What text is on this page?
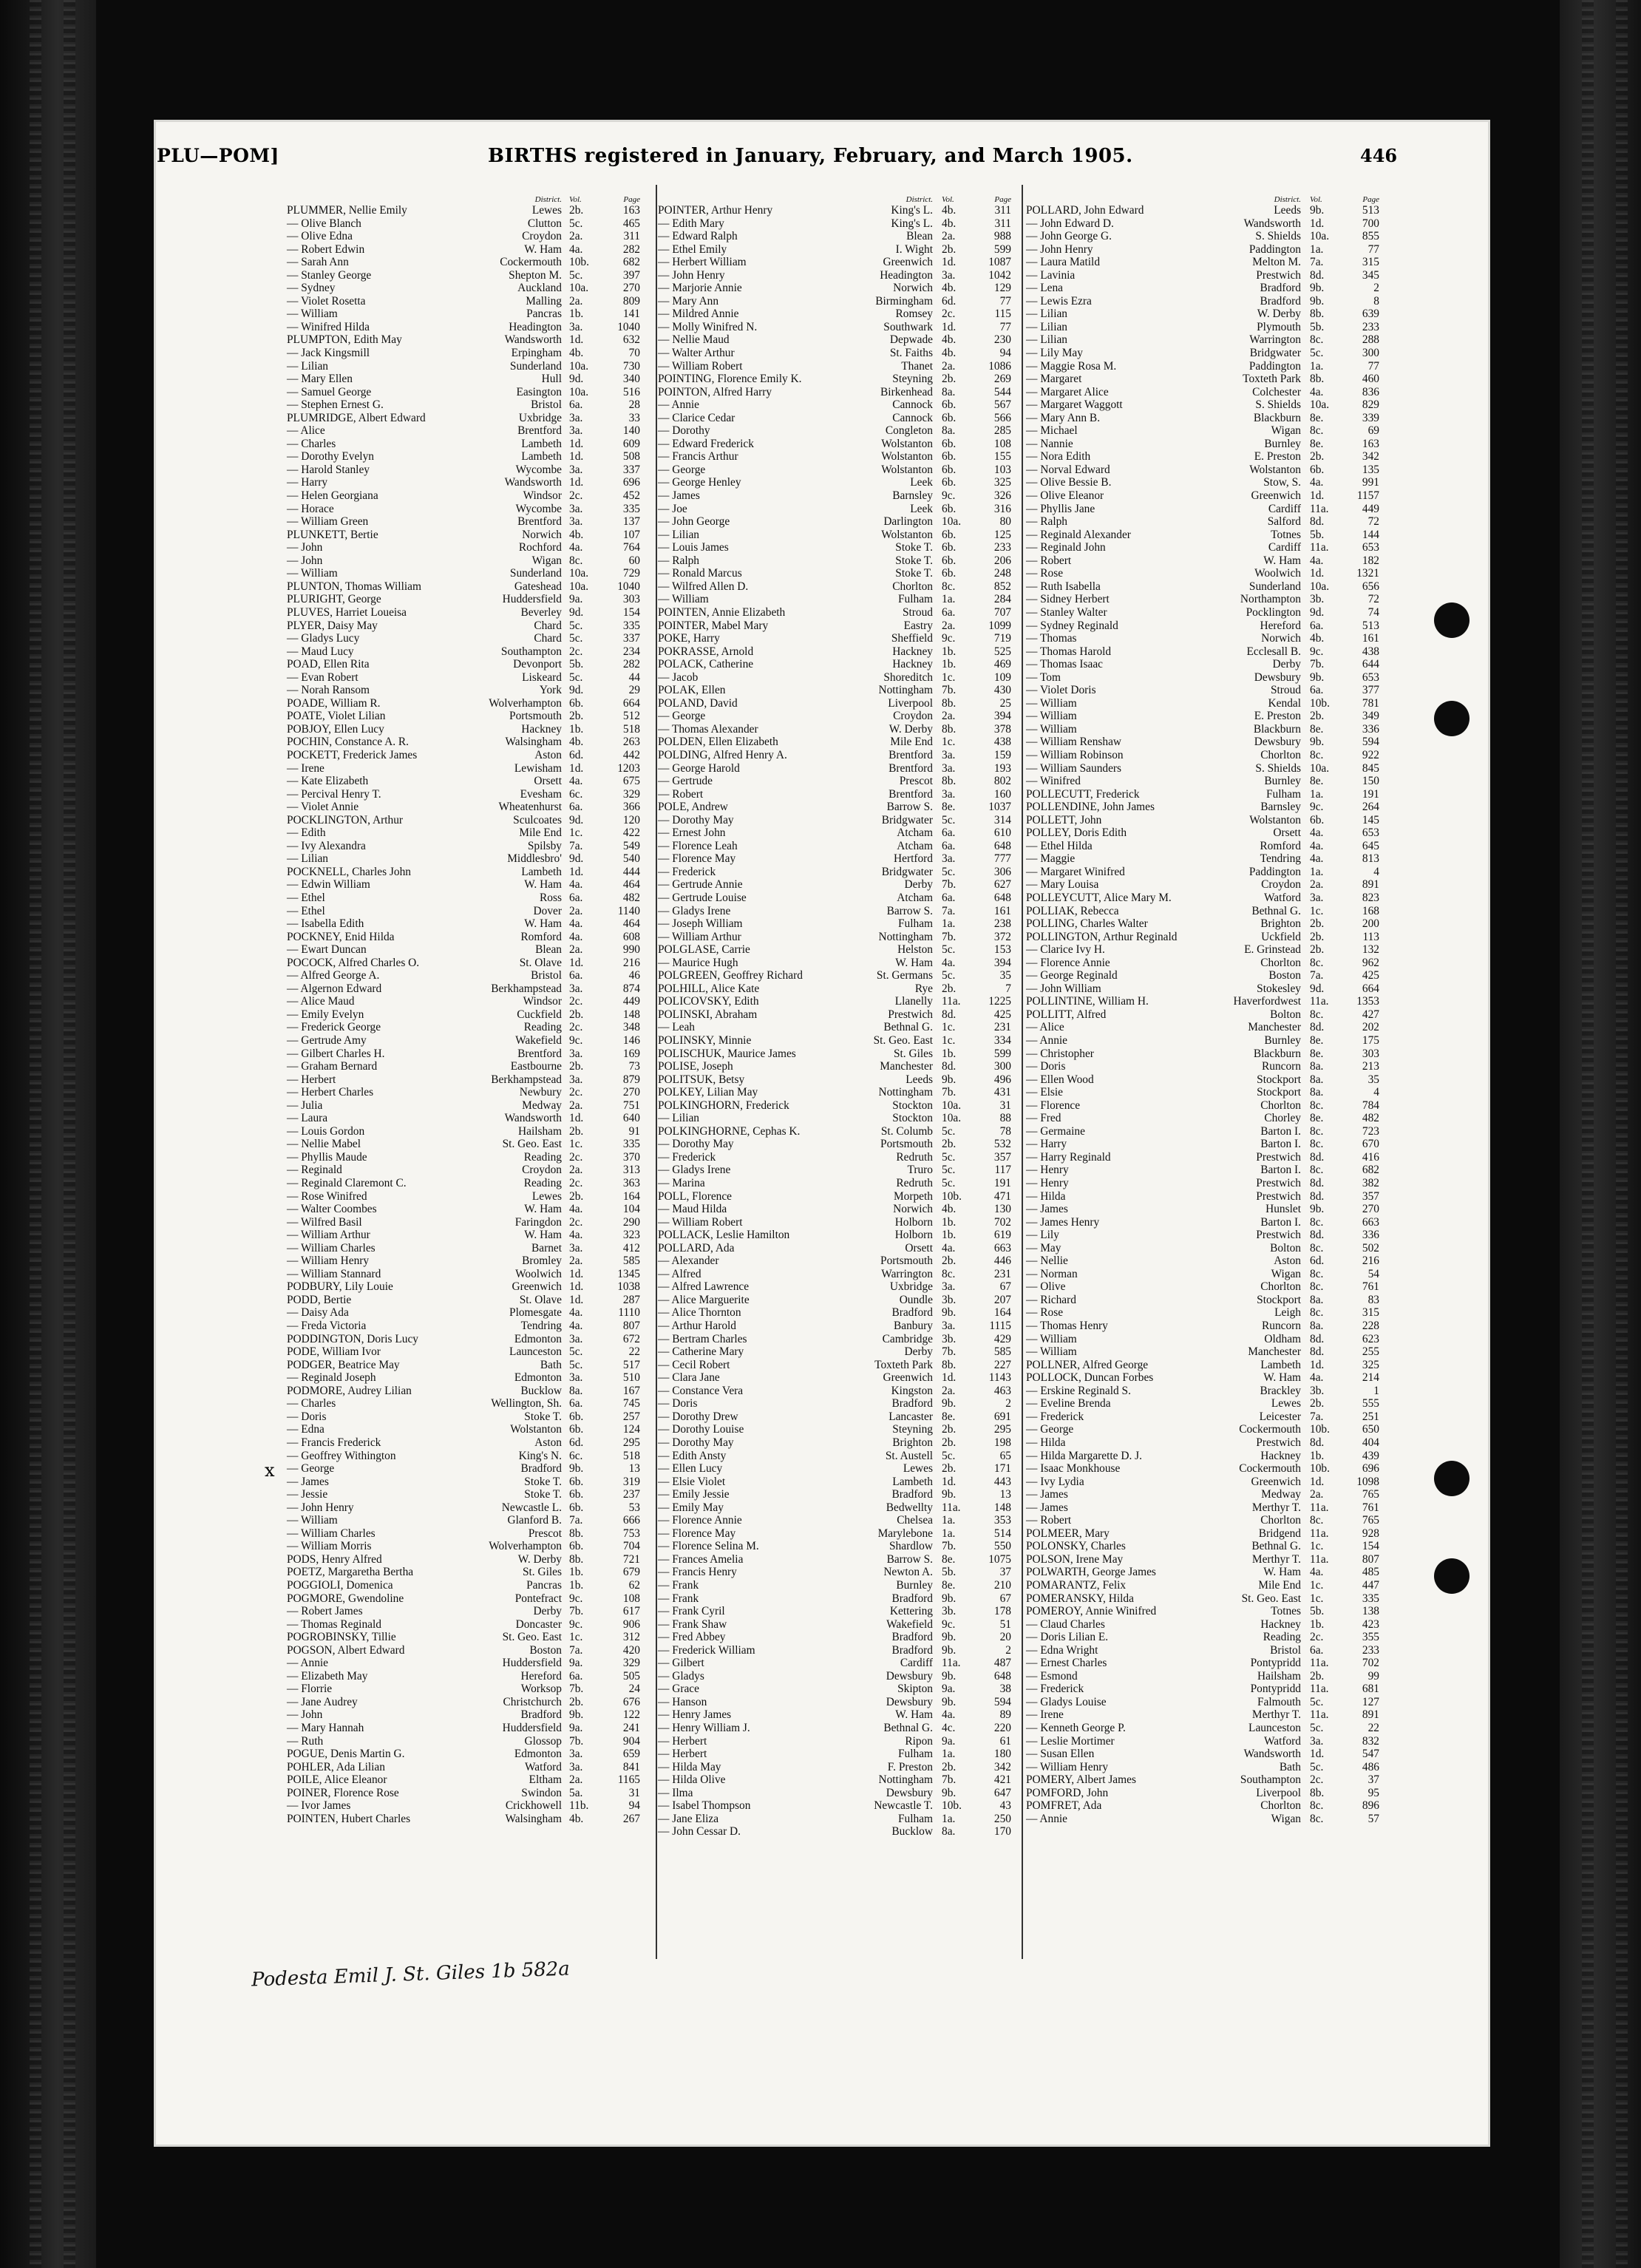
PLU—POM]	BIRTHS registered in January, February, and March 1905.	446
District. Vol.	Page
PLUMMER, Nellie Emily	Lewes 2b.	163
— Olive Blanch	Clutton 5c.	465
— Olive Edna	Croydon 2a.	311
— Robert Edwin	W. Ham 4a.	282
— Sarah Ann	Cockermouth 10b.	682
— Stanley George	Shepton M. 5c.	397
— Sydney	Auckland 10a.	270
— Violet Rosetta	Malling 2a.	809
— William	Pancras 1b.	141
— Winifred Hilda	Headington 3a.	1040
PLUMPTON, Edith May	Wandsworth 1d.	632
— Jack Kingsmill	Erpingham 4b.	70
— Lilian	Sunderland 10a.	730
— Mary Ellen	Hull 9d.	340
— Samuel George	Easington 10a.	516
— Stephen Ernest G.	Bristol 6a.	28
PLUMRIDGE, Albert Edward	Uxbridge 3a.	33
— Alice	Brentford 3a.	140
— Charles	Lambeth 1d.	609
— Dorothy Evelyn	Lambeth 1d.	508
— Harold Stanley	Wycombe 3a.	337
— Harry	Wandsworth 1d.	696
— Helen Georgiana	Windsor 2c.	452
— Horace	Wycombe 3a.	335
— William Green	Brentford 3a.	137
PLUNKETT, Bertie	Norwich 4b.	107
— John	Rochford 4a.	764
— John	Wigan 8c.	60
— William	Sunderland 10a.	729
PLUNTON, Thomas William	Gateshead 10a.	1040
PLURIGHT, George	Huddersfield 9a.	303
PLUVES, Harriet Loueisa	Beverley 9d.	154
PLYER, Daisy May	Chard 5c.	335
— Gladys Lucy	Chard 5c.	337
— Maud Lucy	Southampton 2c.	234
POAD, Ellen Rita	Devonport 5b.	282
— Evan Robert	Liskeard 5c.	44
— Norah Ransom	York 9d.	29
POADE, William R.	Wolverhampton 6b.	664
POATE, Violet Lilian	Portsmouth 2b.	512
POBJOY, Ellen Lucy	Hackney 1b.	518
POCHIN, Constance A. R.	Walsingham 4b.	263
POCKETT, Frederick James	Aston 6d.	442
— Irene	Lewisham 1d.	1203
— Kate Elizabeth	Orsett 4a.	675
— Percival Henry T.	Evesham 6c.	329
— Violet Annie	Wheatenhurst 6a.	366
POCKLINGTON, Arthur	Sculcoates 9d.	120
— Edith	Mile End 1c.	422
— Ivy Alexandra	Spilsby 7a.	549
— Lilian	Middlesbro' 9d.	540
POCKNELL, Charles John	Lambeth 1d.	444
— Edwin William	W. Ham 4a.	464
— Ethel	Ross 6a.	482
— Ethel	Dover 2a.	1140
— Isabella Edith	W. Ham 4a.	464
POCKNEY, Enid Hilda	Romford 4a.	608
— Ewart Duncan	Blean 2a.	990
POCOCK, Alfred Charles O.	St. Olave 1d.	216
— Alfred George A.	Bristol 6a.	46
— Algernon Edward	Berkhampstead 3a.	874
— Alice Maud	Windsor 2c.	449
— Emily Evelyn	Cuckfield 2b.	148
— Frederick George	Reading 2c.	348
— Gertrude Amy	Wakefield 9c.	146
— Gilbert Charles H.	Brentford 3a.	169
— Graham Bernard	Eastbourne 2b.	73
— Herbert	Berkhampstead 3a.	879
— Herbert Charles	Newbury 2c.	270
— Julia	Medway 2a.	751
— Laura	Wandsworth 1d.	640
— Louis Gordon	Hailsham 2b.	91
— Nellie Mabel	St. Geo. East 1c.	335
— Phyllis Maude	Reading 2c.	370
— Reginald	Croydon 2a.	313
— Reginald Claremont C.	Reading 2c.	363
— Rose Winifred	Lewes 2b.	164
— Walter Coombes	W. Ham 4a.	104
— Wilfred Basil	Faringdon 2c.	290
— William Arthur	W. Ham 4a.	323
— William Charles	Barnet 3a.	412
— William Henry	Bromley 2a.	585
— William Stannard	Woolwich 1d.	1345
PODBURY, Lily Louie	Greenwich 1d.	1038
PODD, Bertie	St. Olave 1d.	287
— Daisy Ada	Plomesgate 4a.	1110
— Freda Victoria	Tendring 4a.	807
PODDINGTON, Doris Lucy	Edmonton 3a.	672
PODE, William Ivor	Launceston 5c.	22
PODGER, Beatrice May	Bath 5c.	517
— Reginald Joseph	Edmonton 3a.	510
PODMORE, Audrey Lilian	Bucklow 8a.	167
— Charles	Wellington, Sh. 6a.	745
— Doris	Stoke T. 6b.	257
— Edna	Wolstanton 6b.	124
— Francis Frederick	Aston 6d.	295
— Geoffrey Withington	King's N. 6c.	518
— George	Bradford 9b.	13
— James	Stoke T. 6b.	319
— Jessie	Stoke T. 6b.	237
— John Henry	Newcastle L. 6b.	53
— William	Glanford B. 7a.	666
— William Charles	Prescot 8b.	753
— William Morris	Wolverhampton 6b.	704
PODS, Henry Alfred	W. Derby 8b.	721
POETZ, Margaretha Bertha	St. Giles 1b.	679
POGGIOLI, Domenica	Pancras 1b.	62
POGMORE, Gwendoline	Pontefract 9c.	108
— Robert James	Derby 7b.	617
— Thomas Reginald	Doncaster 9c.	906
POGROBINSKY, Tillie	St. Geo. East 1c.	312
POGSON, Albert Edward	Boston 7a.	420
— Annie	Huddersfield 9a.	329
— Elizabeth May	Hereford 6a.	505
— Florrie	Worksop 7b.	24
— Jane Audrey	Christchurch 2b.	676
— John	Bradford 9b.	122
— Mary Hannah	Huddersfield 9a.	241
— Ruth	Glossop 7b.	904
POGUE, Denis Martin G.	Edmonton 3a.	659
POHLER, Ada Lilian	Watford 3a.	841
POILE, Alice Eleanor	Eltham 2a.	1165
POINER, Florence Rose	Swindon 5a.	31
— Ivor James	Crickhowell 11b.	94
POINTEN, Hubert Charles	Walsingham 4b.	267
District. Vol.	Page
POINTER, Arthur Henry	King's L. 4b.	311
— Edith Mary	King's L. 4b.	311
— Edward Ralph	Blean 2a.	988
— Ethel Emily	I. Wight 2b.	599
— Herbert William	Greenwich 1d.	1087
— John Henry	Headington 3a.	1042
— Marjorie Annie	Norwich 4b.	129
— Mary Ann	Birmingham 6d.	77
— Mildred Annie	Romsey 2c.	115
— Molly Winifred N.	Southwark 1d.	77
— Nellie Maud	Depwade 4b.	230
— Walter Arthur	St. Faiths 4b.	94
— William Robert	Thanet 2a.	1086
POINTING, Florence Emily K.	Steyning 2b.	269
POINTON, Alfred Harry	Birkenhead 8a.	544
— Annie	Cannock 6b.	567
— Clarice Cedar	Cannock 6b.	566
— Dorothy	Congleton 8a.	285
— Edward Frederick	Wolstanton 6b.	108
— Francis Arthur	Wolstanton 6b.	155
— George	Wolstanton 6b.	103
— George Henley	Leek 6b.	325
— James	Barnsley 9c.	326
— Joe	Leek 6b.	316
— John George	Darlington 10a.	80
— Lilian	Wolstanton 6b.	125
— Louis James	Stoke T. 6b.	233
— Ralph	Stoke T. 6b.	206
— Ronald Marcus	Stoke T. 6b.	248
— Wilfred Allen D.	Chorlton 8c.	852
— William	Fulham 1a.	284
POINTEN, Annie Elizabeth	Stroud 6a.	707
POINTER, Mabel Mary	Eastry 2a.	1099
POKE, Harry	Sheffield 9c.	719
POKRASSE, Arnold	Hackney 1b.	525
POLACK, Catherine	Hackney 1b.	469
— Jacob	Shoreditch 1c.	109
POLAK, Ellen	Nottingham 7b.	430
POLAND, David	Liverpool 8b.	25
— George	Croydon 2a.	394
— Thomas Alexander	W. Derby 8b.	378
POLDEN, Ellen Elizabeth	Mile End 1c.	438
POLDING, Alfred Henry A.	Brentford 3a.	159
— George Harold	Brentford 3a.	193
— Gertrude	Prescot 8b.	802
— Robert	Brentford 3a.	160
POLE, Andrew	Barrow S. 8e.	1037
— Dorothy May	Bridgwater 5c.	314
— Ernest John	Atcham 6a.	610
— Florence Leah	Atcham 6a.	648
— Florence May	Hertford 3a.	777
— Frederick	Bridgwater 5c.	306
— Gertrude Annie	Derby 7b.	627
— Gertrude Louise	Atcham 6a.	648
— Gladys Irene	Barrow S. 7a.	161
— Joseph William	Fulham 1a.	238
— William Arthur	Nottingham 7b.	372
POLGLASE, Carrie	Helston 5c.	153
— Maurice Hugh	W. Ham 4a.	394
POLGREEN, Geoffrey Richard	St. Germans 5c.	35
POLHILL, Alice Kate	Rye 2b.	7
POLICOVSKY, Edith	Llanelly 11a. 1225
POLINSKI, Abraham	Prestwich 8d.	425
— Leah	Bethnal G. 1c.	231
POLINSKY, Minnie	St. Geo. East 1c.	334
POLISCHUK, Maurice James	St. Giles 1b.	599
POLISE, Joseph	Manchester 8d.	300
POLITSUK, Betsy	Leeds 9b.	496
POLKEY, Lilian May	Nottingham 7b.	431
POLKINGHORN, Frederick	Stockton 10a.	31
— Lilian	Stockton 10a.	88
POLKINGHORNE, Cephas K.	St. Columb 5c.	78
— Dorothy May	Portsmouth 2b.	532
— Frederick	Redruth 5c.	357
— Gladys Irene	Truro 5c.	117
— Marina	Redruth 5c.	191
POLL, Florence	Morpeth 10b.	471
— Maud Hilda	Norwich 4b.	130
— William Robert	Holborn 1b.	702
POLLACK, Leslie Hamilton	Holborn 1b.	619
POLLARD, Ada	Orsett 4a.	663
— Alexander	Portsmouth 2b.	446
— Alfred	Warrington 8c.	231
— Alfred Lawrence	Uxbridge 3a.	67
— Alice Marguerite	Oundle 3b.	207
— Alice Thornton	Bradford 9b.	164
— Arthur Harold	Banbury 3a.	1115
— Bertram Charles	Cambridge 3b.	429
— Catherine Mary	Derby 7b.	585
— Cecil Robert	Toxteth Park 8b.	227
— Clara Jane	Greenwich 1d.	1143
— Constance Vera	Kingston 2a.	463
— Doris	Bradford 9b.	2
— Dorothy Drew	Lancaster 8e.	691
— Dorothy Louise	Steyning 2b.	295
— Dorothy May	Brighton 2b.	198
— Edith Ansty	St. Austell 5c.	65
— Ellen Lucy	Lewes 2b.	171
— Elsie Violet	Lambeth 1d.	443
— Emily Jessie	Bradford 9b.	13
— Emily May	Bedwellty 11a.	148
— Florence Annie	Chelsea 1a.	353
— Florence May	Marylebone 1a.	514
— Florence Selina M.	Shardlow 7b.	550
— Frances Amelia	Barrow S. 8e.	1075
— Francis Henry	Newton A. 5b.	37
— Frank	Burnley 8e.	210
— Frank	Bradford 9b.	67
— Frank Cyril	Kettering 3b.	178
— Frank Shaw	Wakefield 9c.	51
— Fred Abbey	Bradford 9b.	20
— Frederick William	Bradford 9b.	2
— Gilbert	Cardiff 11a.	487
— Gladys	Dewsbury 9b.	648
— Grace	Skipton 9a.	38
— Hanson	Dewsbury 9b.	594
— Henry James	W. Ham 4a.	89
— Henry William J.	Bethnal G. 4c.	220
— Herbert	Ripon 9a.	61
— Herbert	Fulham 1a.	180
— Hilda May	F. Preston 2b.	342
— Hilda Olive	Nottingham 7b.	421
— Ilma	Dewsbury 9b.	647
— Isabel Thompson	Newcastle T. 10b.	43
— Jane Eliza	Fulham 1a.	250
— John Cessar D.	Bucklow 8a.	170
District. Vol.	Page
POLLARD, John Edward	Leeds 9b.	513
— John Edward D.	Wandsworth 1d.	700
— John George G.	S. Shields 10a.	855
— John Henry	Paddington 1a.	77
— Laura Matild	Melton M. 7a.	315
— Lavinia	Prestwich 8d.	345
— Lena	Bradford 9b.	2
— Lewis Ezra	Bradford 9b.	8
— Lilian	W. Derby 8b.	639
— Lilian	Plymouth 5b.	233
— Lilian	Warrington 8c.	288
— Lily May	Bridgwater 5c.	300
— Maggie Rosa M.	Paddington 1a.	77
— Margaret	Toxteth Park 8b.	460
— Margaret Alice	Colchester 4a.	836
— Margaret Waggott	S. Shields 10a.	829
— Mary Ann B.	Blackburn 8e.	339
— Michael	Wigan 8c.	69
— Nannie	Burnley 8e.	163
— Nora Edith	E. Preston 2b.	342
— Norval Edward	Wolstanton 6b.	135
— Olive Bessie B.	Stow, S. 4a.	991
— Olive Eleanor	Greenwich 1d.	1157
— Phyllis Jane	Cardiff 11a.	449
— Ralph	Salford 8d.	72
— Reginald Alexander	Totnes 5b.	144
— Reginald John	Cardiff 11a.	653
— Robert	W. Ham 4a.	182
— Rose	Woolwich 1d.	1321
— Ruth Isabella	Sunderland 10a.	656
— Sidney Herbert	Northampton 3b.	72
— Stanley Walter	Pocklington 9d.	74
— Sydney Reginald	Hereford 6a.	513
— Thomas	Norwich 4b.	161
— Thomas Harold	Ecclesall B. 9c.	438
— Thomas Isaac	Derby 7b.	644
— Tom	Dewsbury 9b.	653
— Violet Doris	Stroud 6a.	377
— William	Kendal 10b.	781
— William	E. Preston 2b.	349
— William	Blackburn 8e.	336
— William Renshaw	Dewsbury 9b.	594
— William Robinson	Chorlton 8c.	922
— William Saunders	S. Shields 10a.	845
— Winifred	Burnley 8e.	150
POLLECUTT, Frederick	Fulham 1a.	191
POLLENDINE, John James	Barnsley 9c.	264
POLLETT, John	Wolstanton 6b.	145
POLLEY, Doris Edith	Orsett 4a.	653
— Ethel Hilda	Romford 4a.	645
— Maggie	Tendring 4a.	813
— Margaret Winifred	Paddington 1a.	4
— Mary Louisa	Croydon 2a.	891
POLLEYCUTT, Alice Mary M.	Watford 3a.	823
POLLIAK, Rebecca	Bethnal G. 1c.	168
POLLING, Charles Walter	Brighton 2b.	200
POLLINGTON, Arthur Reginald	Uckfield 2b.	113
— Clarice Ivy H.	E. Grinstead 2b.	132
— Florence Annie	Chorlton 8c.	962
— George Reginald	Boston 7a.	425
— John William	Stokesley 9d.	664
POLLINTINE, William H.	Haverfordwest 11a. 1353
POLLITT, Alfred	Bolton 8c.	427
— Alice	Manchester 8d.	202
— Annie	Burnley 8e.	175
— Christopher	Blackburn 8e.	303
— Doris	Runcorn 8a.	213
— Ellen Wood	Stockport 8a.	35
— Elsie	Stockport 8a.	4
— Florence	Chorlton 8c.	784
— Fred	Chorley 8e.	482
— Germaine	Barton I. 8c.	723
— Harry	Barton I. 8c.	670
— Harry Reginald	Prestwich 8d.	416
— Henry	Barton I. 8c.	682
— Henry	Prestwich 8d.	382
— Hilda	Prestwich 8d.	357
— James	Hunslet 9b.	270
— James Henry	Barton I. 8c.	663
— Lily	Prestwich 8d.	336
— May	Bolton 8c.	502
— Nellie	Aston 6d.	216
— Norman	Wigan 8c.	54
— Olive	Chorlton 8c.	761
— Richard	Stockport 8a.	83
— Rose	Leigh 8c.	315
— Thomas Henry	Runcorn 8a.	228
— William	Oldham 8d.	623
— William	Manchester 8d.	255
POLLNER, Alfred George	Lambeth 1d.	325
POLLOCK, Duncan Forbes	W. Ham 4a.	214
— Erskine Reginald S.	Brackley 3b.	1
— Eveline Brenda	Lewes 2b.	555
— Frederick	Leicester 7a.	251
— George	Cockermouth 10b.	650
— Hilda	Prestwich 8d.	404
— Hilda Margarette D. J.	Hackney 1b.	439
— Isaac Monkhouse	Cockermouth 10b.	696
— Ivy Lydia	Greenwich 1d.	1098
— James	Medway 2a.	765
— James	Merthyr T. 11a.	761
— Robert	Chorlton 8c.	765
POLMEER, Mary	Bridgend 11a.	928
POLONSKY, Charles	Bethnal G. 1c.	154
POLSON, Irene May	Merthyr T. 11a.	807
POLWARTH, George James	W. Ham 4a.	485
POMARANTZ, Felix	Mile End 1c.	447
POMERANSKY, Hilda	St. Geo. East 1c.	335
POMEROY, Annie Winifred	Totnes 5b.	138
— Claud Charles	Hackney 1b.	423
— Doris Lilian E.	Reading 2c.	355
— Edna Wright	Bristol 6a.	233
— Ernest Charles	Pontypridd 11a.	702
— Esmond	Hailsham 2b.	99
— Frederick	Pontypridd 11a.	681
— Gladys Louise	Falmouth 5c.	127
— Irene	Merthyr T. 11a.	891
— Kenneth George P.	Launceston 5c.	22
— Leslie Mortimer	Watford 3a.	832
— Susan Ellen	Wandsworth 1d.	547
— William Henry	Bath 5c.	486
POMERY, Albert James	Southampton 2c.	37
POMFORD, John	Liverpool 8b.	95
POMFRET, Ada	Chorlton 8c.	896
— Annie	Wigan 8c.	57
x
Podesta Emil J. St. Giles 1b 582a
